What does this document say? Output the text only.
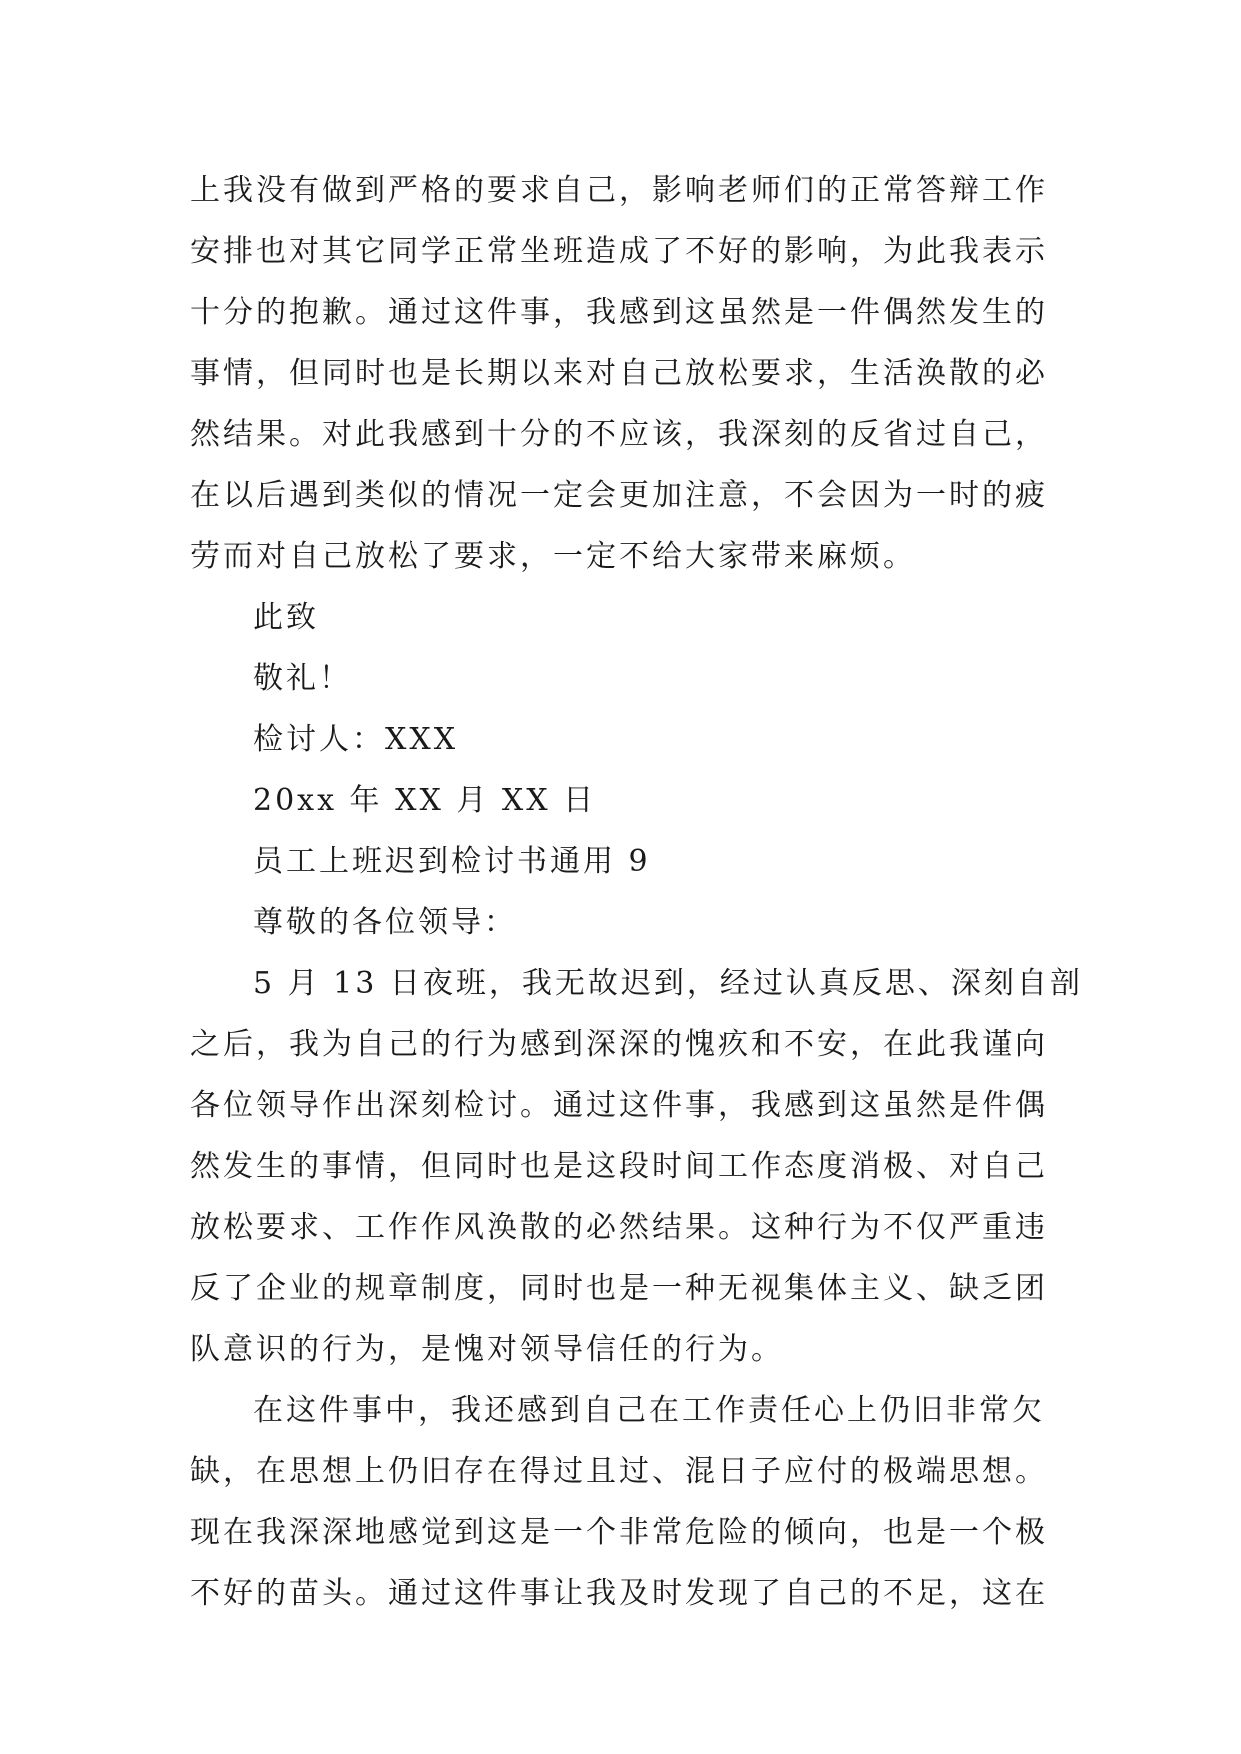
上我没有做到严格的要求自己，影响老师们的正常答辩工作

安排也对其它同学正常坐班造成了不好的影响，为此我表示

十分的抱歉。通过这件事，我感到这虽然是一件偶然发生的

事情，但同时也是长期以来对自己放松要求，生活涣散的必

然结果。对此我感到十分的不应该，我深刻的反省过自己，

在以后遇到类似的情况一定会更加注意，不会因为一时的疲

劳而对自己放松了要求，一定不给大家带来麻烦。

此致

敬礼！

检讨人：XXX

20xx 年 XX 月 XX 日

员工上班迟到检讨书通用 9

尊敬的各位领导：

5 月 13 日夜班，我无故迟到，经过认真反思、深刻自剖

之后，我为自己的行为感到深深的愧疚和不安，在此我谨向

各位领导作出深刻检讨。通过这件事，我感到这虽然是件偶

然发生的事情，但同时也是这段时间工作态度消极、对自己

放松要求、工作作风涣散的必然结果。这种行为不仅严重违

反了企业的规章制度，同时也是一种无视集体主义、缺乏团

队意识的行为，是愧对领导信任的行为。

在这件事中，我还感到自己在工作责任心上仍旧非常欠

缺，在思想上仍旧存在得过且过、混日子应付的极端思想。

现在我深深地感觉到这是一个非常危险的倾向，也是一个极

不好的苗头。通过这件事让我及时发现了自己的不足，这在
